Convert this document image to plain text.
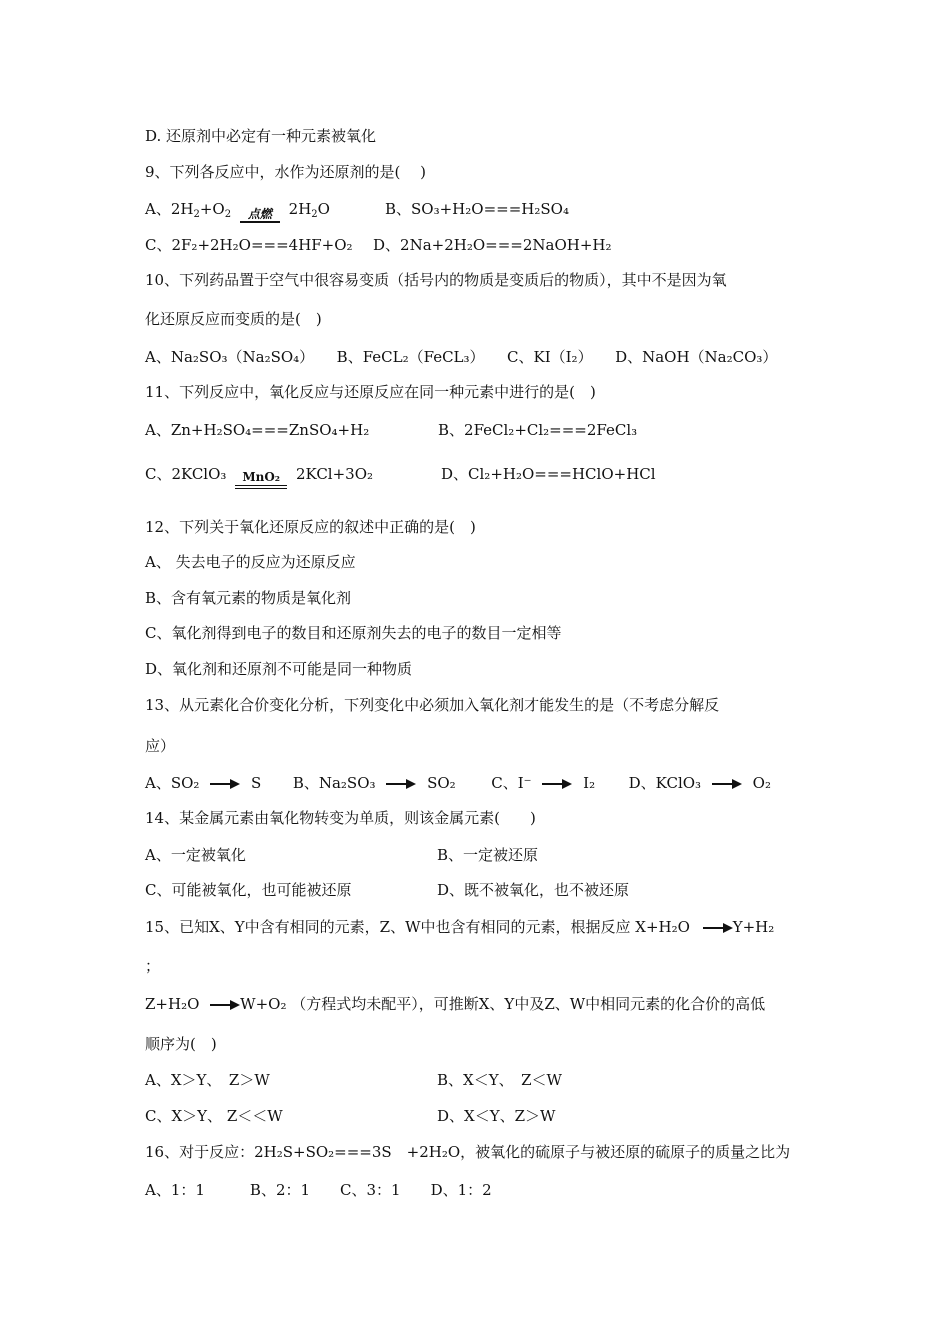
D. 还原剂中必定有一种元素被氧化
9、下列各反应中，水作为还原剂的是(　 )
A、$2H_2+O_2$	点燃	$2H_2O$	B、SO₃+H₂O===H₂SO₄
C、2F₂+2H₂O===4HF+O₂ D、2Na+2H₂O===2NaOH+H₂
10、下列药品置于空气中很容易变质（括号内的物质是变质后的物质），其中不是因为氧
化还原反应而变质的是(　)
A、Na₂SO₃（Na₂SO₄）　　B、FeCL₂（FeCL₃）　　C、KI（I₂）　　D、NaOH（Na₂CO₃）
11、下列反应中，氧化反应与还原反应在同一种元素中进行的是(　)
A、Zn+H₂SO₄===ZnSO₄+H₂	B、2FeCl₂+Cl₂===2FeCl₃
C、2KClO₃	MnO₂	2KCl+3O₂	D、Cl₂+H₂O===HClO+HCl
12、下列关于氧化还原反应的叙述中正确的是(　)
A、 失去电子的反应为还原反应
B、含有氧元素的物质是氧化剂
C、氧化剂得到电子的数目和还原剂失去的电子的数目一定相等
D、氧化剂和还原剂不可能是同一种物质
13、从元素化合价变化分析，下列变化中必须加入氧化剂才能发生的是（不考虑分解反
应）
A、SO₂	S B、Na₂SO₃	SO₂ C、I⁻	I₂ D、KClO₃	O₂
14、某金属元素由氧化物转变为单质，则该金属元素(　　)
A、一定被氧化	B、一定被还原
C、可能被氧化，也可能被还原	D、既不被氧化，也不被还原
15、已知X、Y中含有相同的元素，Z、W中也含有相同的元素，根据反应 X+H₂O	Y+H₂
；
Z+H₂O	W+O₂ （方程式均未配平），可推断X、Y中及Z、W中相同元素的化合价的高低
顺序为(　)
A、X＞Y、　Z＞W	B、X＜Y、　Z＜W
C、X＞Y、 Z＜＜W	D、X＜Y、Z＞W
16、对于反应：2H₂S+SO₂===3S　+2H₂O，被氧化的硫原子与被还原的硫原子的质量之比为
A、1：1　　　B、2：1　　C、3：1　　D、1：2
